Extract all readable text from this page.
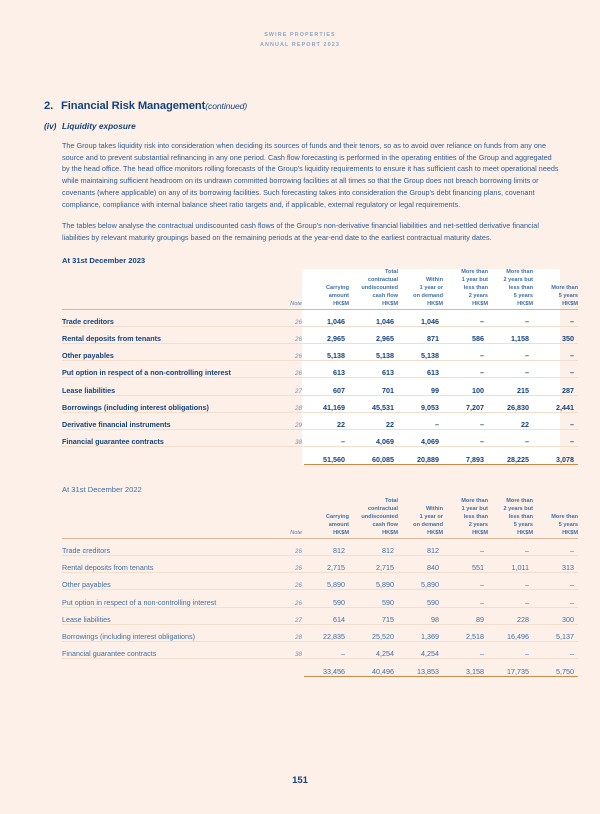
SWIRE PROPERTIES
ANNUAL REPORT 2023
2. Financial Risk Management(continued)
(iv) Liquidity exposure

The Group takes liquidity risk into consideration when deciding its sources of funds and their tenors, so as to avoid over reliance on funds from any one source and to prevent substantial refinancing in any one period. Cash flow forecasting is performed in the operating entities of the Group and aggregated by the head office. The head office monitors rolling forecasts of the Group's liquidity requirements to ensure it has sufficient cash to meet operational needs while maintaining sufficient headroom on its undrawn committed borrowing facilities at all times so that the Group does not breach borrowing limits or covenants (where applicable) on any of its borrowing facilities. Such forecasting takes into consideration the Group's debt financing plans, covenant compliance, compliance with internal balance sheet ratio targets and, if applicable, external regulatory or legal requirements.

The tables below analyse the contractual undiscounted cash flows of the Group's non-derivative financial liabilities and net-settled derivative financial liabilities by relevant maturity groupings based on the remaining periods at the year-end date to the earliest contractual maturity dates.

At 31st December 2023
	Note	Carrying
amount
HK$M	Total
contractual
undiscounted
cash flow
HK$M	Within
1 year or
on demand
HK$M	More than
1 year but
less than
2 years
HK$M	More than
2 years but
less than
5 years
HK$M	More than
5 years
HK$M

Trade creditors	26	1,046	1,046	1,046	–	–	–
Rental deposits from tenants	26	2,965	2,965	871	586	1,158	350
Other payables	26	5,138	5,138	5,138	–	–	–
Put option in respect of a non-controlling interest	26	613	613	613	–	–	–
Lease liabilities	27	607	701	99	100	215	287
Borrowings (including interest obligations)	28	41,169	45,531	9,053	7,207	26,830	2,441
Derivative financial instruments	29	22	22	–	–	22	–
Financial guarantee contracts	38	–	4,069	4,069	–	–	–
		51,560	60,085	20,889	7,893	28,225	3,078

At 31st December 2022
	Note	Carrying
amount
HK$M	Total
contractual
undiscounted
cash flow
HK$M	Within
1 year or
on demand
HK$M	More than
1 year but
less than
2 years
HK$M	More than
2 years but
less than
5 years
HK$M	More than
5 years
HK$M

Trade creditors	26	812	812	812	–	–	–
Rental deposits from tenants	26	2,715	2,715	840	551	1,011	313
Other payables	26	5,890	5,890	5,890	–	–	–
Put option in respect of a non-controlling interest	26	590	590	590	–	–	–
Lease liabilities	27	614	715	98	89	228	300
Borrowings (including interest obligations)	28	22,835	25,520	1,369	2,518	16,496	5,137
Financial guarantee contracts	38	–	4,254	4,254	–	–	–
		33,456	40,496	13,853	3,158	17,735	5,750

151
